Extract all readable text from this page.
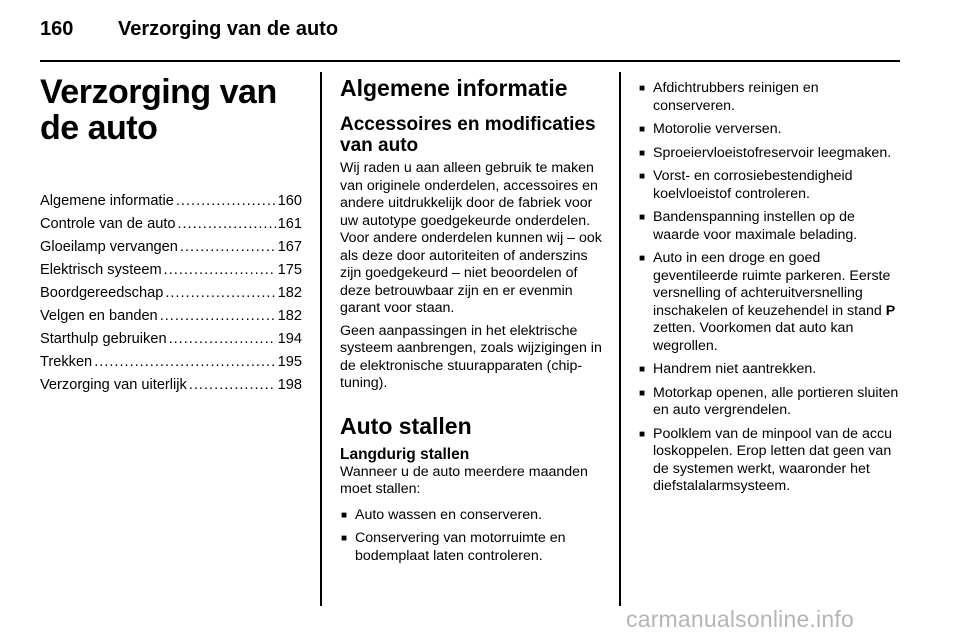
160 Verzorging van de auto
Verzorging van de auto
Algemene informatie .....	160
Controle van de auto .....	161
Gloeilamp vervangen .....	167
Elektrisch systeem .....	175
Boordgereedschap .....	182
Velgen en banden .....	182
Starthulp gebruiken .....	194
Trekken .....	195
Verzorging van uiterlijk .....	198
Algemene informatie
Accessoires en modificaties van auto

Wij raden u aan alleen gebruik te maken van originele onderdelen, accessoires en andere uitdrukkelijk door de fabriek voor uw autotype goedgekeurde onderdelen. Voor andere onderdelen kunnen wij – ook als deze door autoriteiten of anderszins zijn goedgekeurd – niet beoordelen of deze betrouwbaar zijn en er evenmin garant voor staan.

Geen aanpassingen in het elektrische systeem aanbrengen, zoals wijzigingen in de elektronische stuurapparaten (chip-tuning).

Auto stallen
Langdurig stallen

Wanneer u de auto meerdere maanden moet stallen:

■ Auto wassen en conserveren.
■ Conservering van motorruimte en bodemplaat laten controleren.
■ Afdichtrubbers reinigen en conserveren.
■ Motorolie verversen.
■ Sproeiervloeistofreservoir leegmaken.
■ Vorst- en corrosiebestendigheid koelvloeistof controleren.
■ Bandenspanning instellen op de waarde voor maximale belading.
■ Auto in een droge en goed geventileerde ruimte parkeren. Eerste versnelling of achteruitversnelling inschakelen of keuzehendel in stand P zetten. Voorkomen dat auto kan wegrollen.
■ Handrem niet aantrekken.
■ Motorkap openen, alle portieren sluiten en auto vergrendelen.
■ Poolklem van de minpool van de accu loskoppelen. Erop letten dat geen van de systemen werkt, waaronder het diefstalalarmsysteem.
carmanualsonline.info
